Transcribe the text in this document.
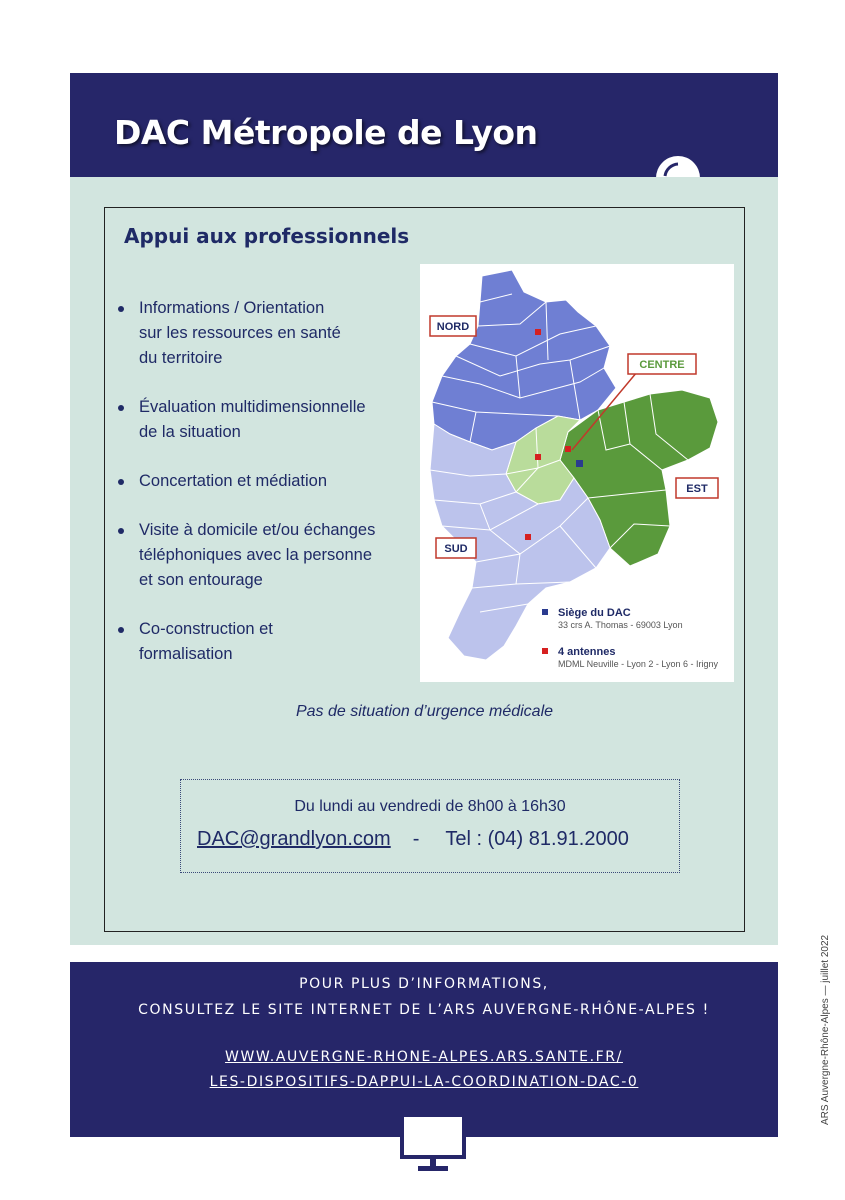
DAC Métropole de Lyon
Appui aux professionnels
Informations / Orientation
sur les ressources en santé
du territoire
Évaluation multidimensionnelle
de la situation
Concertation et médiation
Visite à domicile et/ou échanges
téléphoniques avec la personne
et son entourage
Co-construction et
formalisation
NORD
CENTRE
EST
SUD
Siège du DAC
33 crs A. Thomas - 69003 Lyon
4 antennes
MDML Neuville - Lyon 2 - Lyon 6 - Irigny
Pas de situation d’urgence médicale
Du lundi au vendredi de 8h00 à 16h30
DAC@grandlyon.com - Tel : (04) 81.91.2000
POUR PLUS D’INFORMATIONS,
CONSULTEZ LE SITE INTERNET DE L’ARS AUVERGNE-RHÔNE-ALPES !
WWW.AUVERGNE-RHONE-ALPES.ARS.SANTE.FR/
LES-DISPOSITIFS-DAPPUI-LA-COORDINATION-DAC-0	ARS Auvergne-Rhône-Alpes — juillet 2022
